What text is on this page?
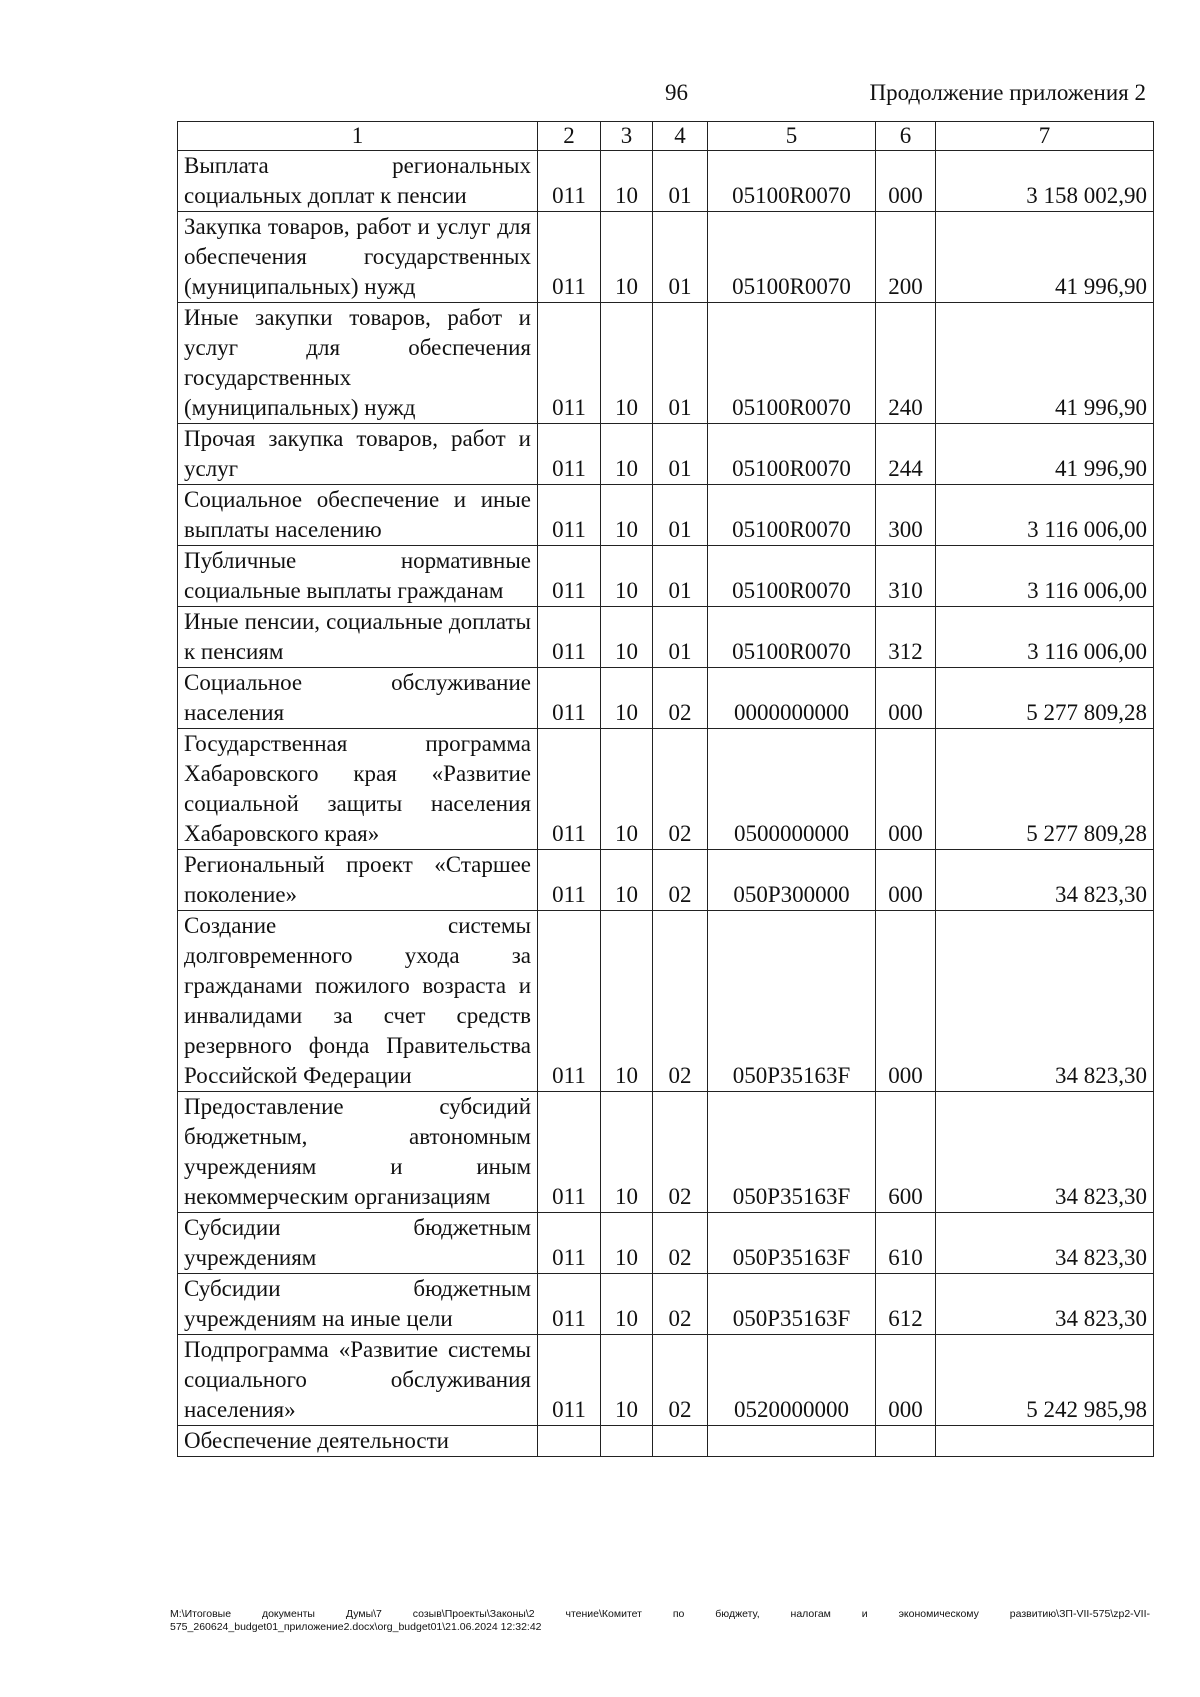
96	Продолжение приложения 2
1	2	3	4	5	6	7
Выплата региональных социальных доплат к пенсии	011	10	01	05100R0070	000	3 158 002,90
Закупка товаров, работ и услуг для обеспечения государственных (муниципальных) нужд	011	10	01	05100R0070	200	41 996,90
Иные закупки товаров, работ и услуг для обеспечения государственных (муниципальных) нужд	011	10	01	05100R0070	240	41 996,90
Прочая закупка товаров, работ и услуг	011	10	01	05100R0070	244	41 996,90
Социальное обеспечение и иные выплаты населению	011	10	01	05100R0070	300	3 116 006,00
Публичные нормативные социальные выплаты гражданам	011	10	01	05100R0070	310	3 116 006,00
Иные пенсии, социальные доплаты к пенсиям	011	10	01	05100R0070	312	3 116 006,00
Социальное обслуживание населения	011	10	02	0000000000	000	5 277 809,28
Государственная программа Хабаровского края «Развитие социальной защиты населения Хабаровского края»	011	10	02	0500000000	000	5 277 809,28
Региональный проект «Старшее поколение»	011	10	02	050P300000	000	34 823,30
Создание системы долговременного ухода за гражданами пожилого возраста и инвалидами за счет средств резервного фонда Правительства Российской Федерации	011	10	02	050P35163F	000	34 823,30
Предоставление субсидий бюджетным, автономным учреждениям и иным некоммерческим организациям	011	10	02	050P35163F	600	34 823,30
Субсидии бюджетным учреждениям	011	10	02	050P35163F	610	34 823,30
Субсидии бюджетным учреждениям на иные цели	011	10	02	050P35163F	612	34 823,30
Подпрограмма «Развитие системы социального обслуживания населения»	011	10	02	0520000000	000	5 242 985,98
Обеспечение деятельности						
M:\Итоговые документы Думы\7 созыв\Проекты\Законы\2 чтение\Комитет по бюджету, налогам и экономическому развитию\ЗП-VII-575\zp2-VII-575_260624_budget01_приложение2.docx\org_budget01\21.06.2024 12:32:42
